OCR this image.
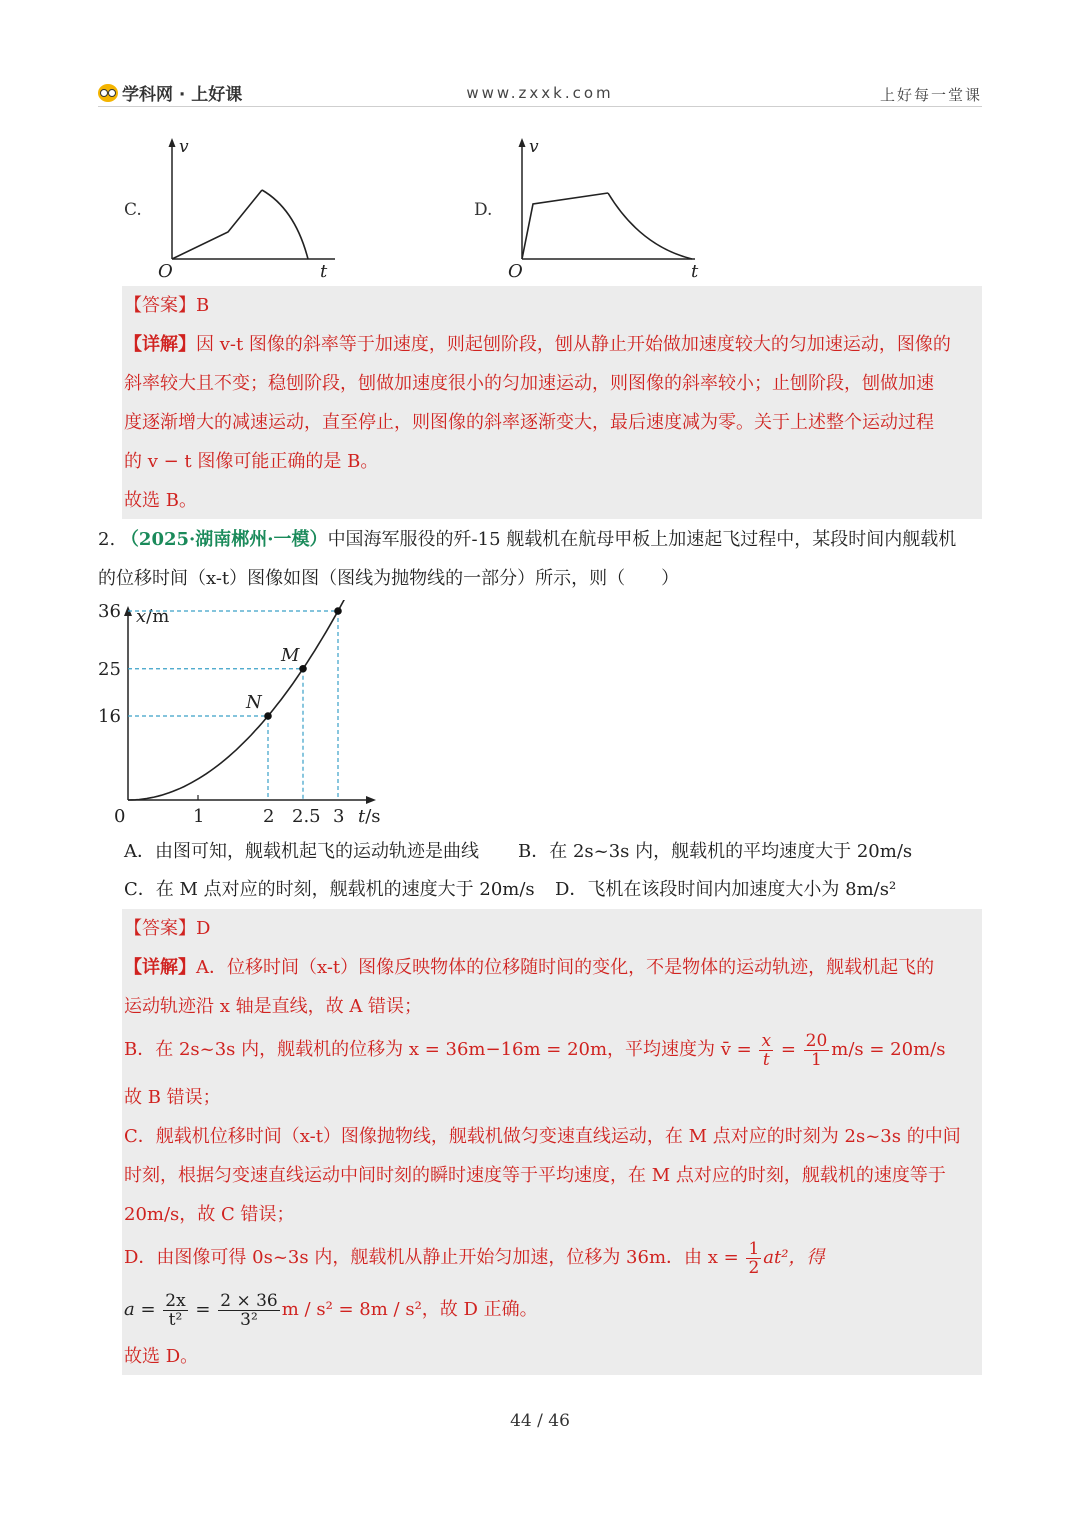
学科网 · 上好课	www.zxxk.com	上好每一堂课
C.	D.
v
O	t
v
O	t
【答案】B
【详解】因 v-t 图像的斜率等于加速度，则起刨阶段，刨从静止开始做加速度较大的匀加速运动，图像的
斜率较大且不变；稳刨阶段，刨做加速度很小的匀加速运动，则图像的斜率较小；止刨阶段，刨做加速
度逐渐增大的减速运动，直至停止，则图像的斜率逐渐变大，最后速度减为零。关于上述整个运动过程
的 v − t 图像可能正确的是 B。
故选 B。
2. （2025·湖南郴州·一模）中国海军服役的歼-15 舰载机在航母甲板上加速起飞过程中，某段时间内舰载机
的位移时间（x-t）图像如图（图线为抛物线的一部分）所示，则（　　）
x/m
t/s
N
M
16
25
36
0	1	2 2.5 3
A．由图可知，舰载机起飞的运动轨迹是曲线 B．在 2s~3s 内，舰载机的平均速度大于 20m/s
C．在 M 点对应的时刻，舰载机的速度大于 20m/s D．飞机在该段时间内加速度大小为 8m/s²
【答案】D
【详解】A．位移时间（x-t）图像反映物体的位移随时间的变化，不是物体的运动轨迹，舰载机起飞的
运动轨迹沿 x 轴是直线，故 A 错误；
B．在 2s~3s 内，舰载机的位移为 x = 36m−16m = 20m，平均速度为 v̄ = $\frac{x}{t} = \frac{20}{1} m/s = 20m/s$
故 B 错误；
C．舰载机位移时间（x-t）图像抛物线，舰载机做匀变速直线运动，在 M 点对应的时刻为 2s~3s 的中间
时刻，根据匀变速直线运动中间时刻的瞬时速度等于平均速度，在 M 点对应的时刻，舰载机的速度等于
20m/s，故 C 错误；
D．由图像可得 0s~3s 内，舰载机从静止开始匀加速，位移为 36m．由 $x = \frac{1}{2} at^2$，得
$a = \frac{2x}{\text{t²}} = \frac{2 \times 36}{\text{3²}}$ m / s² = 8m / s²，故 D 正确。
故选 D。
44 / 46
